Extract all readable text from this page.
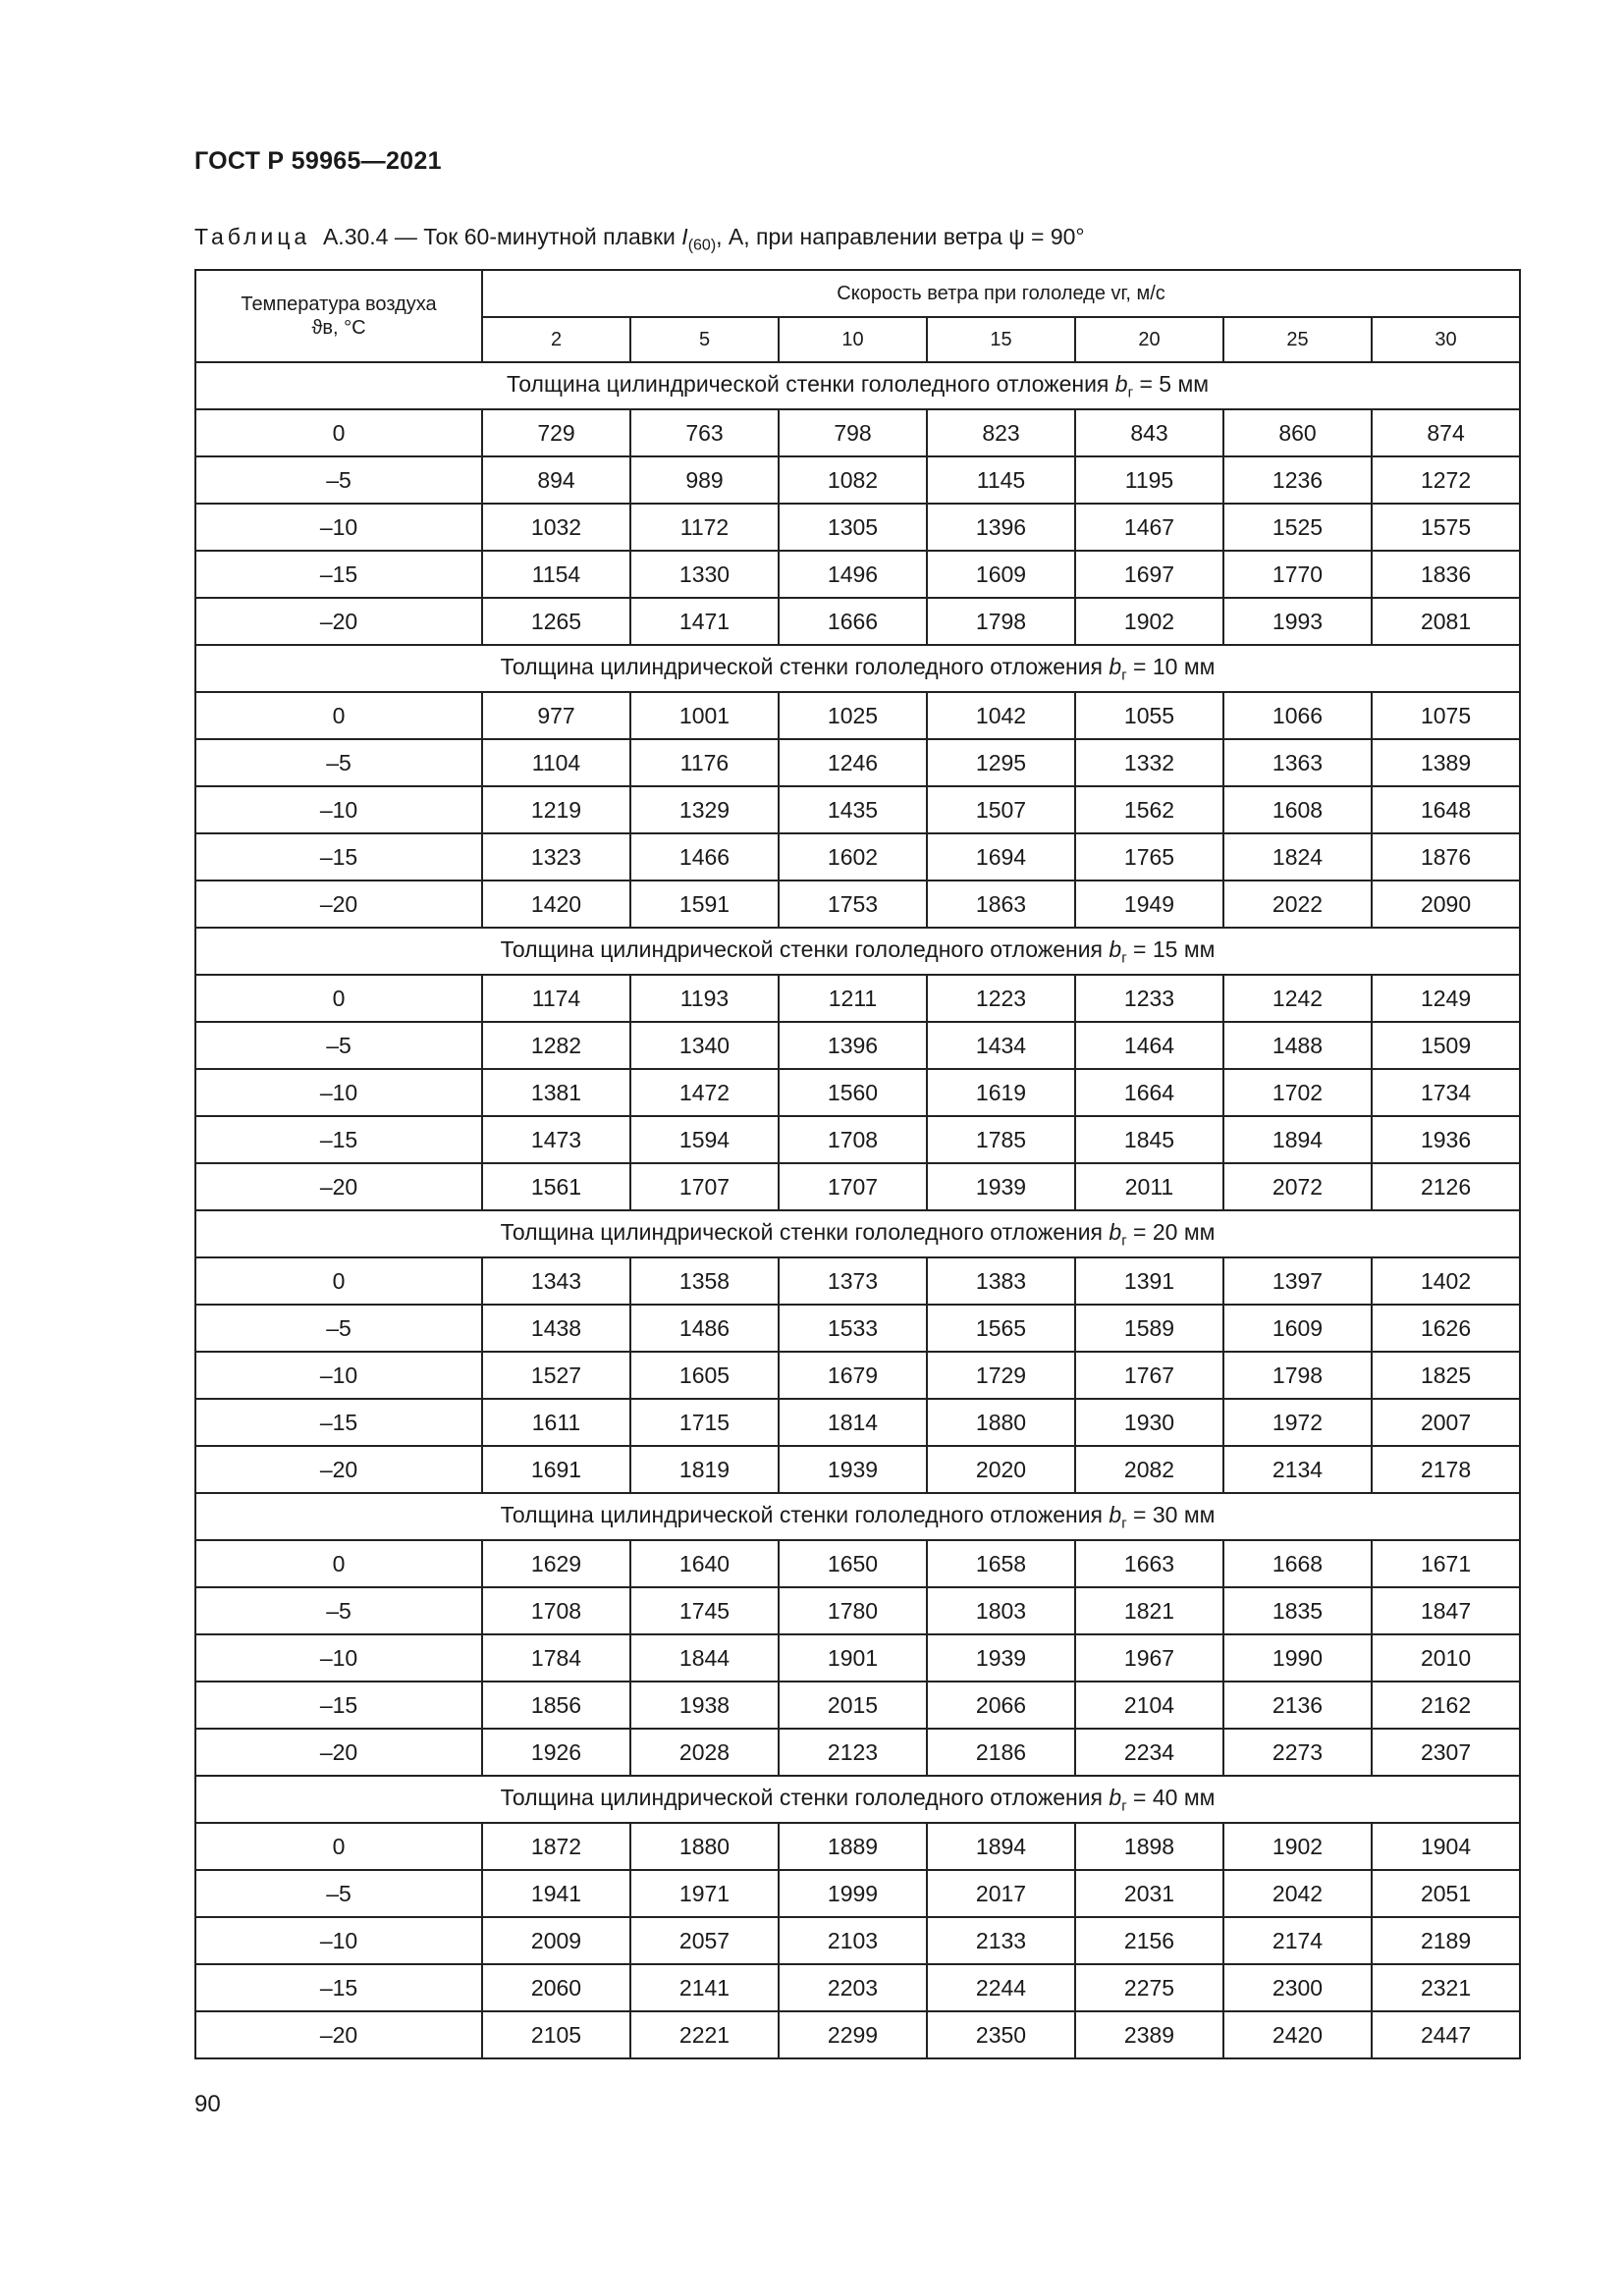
ГОСТ Р 59965—2021
Таблица А.30.4 — Ток 60-минутной плавки $I_{(60)}$, А, при направлении ветра ψ = 90°
Температура воздуха
ϑв, °С	Скорость ветра при гололеде vг, м/с						
	2	5	10	15	20	25	30
Толщина цилиндрической стенки гололедного отложения $b_г = 5$ мм							
0	729	763	798	823	843	860	874
–5	894	989	1082	1145	1195	1236	1272
–10	1032	1172	1305	1396	1467	1525	1575
–15	1154	1330	1496	1609	1697	1770	1836
–20	1265	1471	1666	1798	1902	1993	2081
Толщина цилиндрической стенки гололедного отложения $b_г = 10$ мм							
0	977	1001	1025	1042	1055	1066	1075
–5	1104	1176	1246	1295	1332	1363	1389
–10	1219	1329	1435	1507	1562	1608	1648
–15	1323	1466	1602	1694	1765	1824	1876
–20	1420	1591	1753	1863	1949	2022	2090
Толщина цилиндрической стенки гололедного отложения $b_г = 15$ мм							
0	1174	1193	1211	1223	1233	1242	1249
–5	1282	1340	1396	1434	1464	1488	1509
–10	1381	1472	1560	1619	1664	1702	1734
–15	1473	1594	1708	1785	1845	1894	1936
–20	1561	1707	1707	1939	2011	2072	2126
Толщина цилиндрической стенки гололедного отложения $b_г = 20$ мм							
0	1343	1358	1373	1383	1391	1397	1402
–5	1438	1486	1533	1565	1589	1609	1626
–10	1527	1605	1679	1729	1767	1798	1825
–15	1611	1715	1814	1880	1930	1972	2007
–20	1691	1819	1939	2020	2082	2134	2178
Толщина цилиндрической стенки гололедного отложения $b_г = 30$ мм							
0	1629	1640	1650	1658	1663	1668	1671
–5	1708	1745	1780	1803	1821	1835	1847
–10	1784	1844	1901	1939	1967	1990	2010
–15	1856	1938	2015	2066	2104	2136	2162
–20	1926	2028	2123	2186	2234	2273	2307
Толщина цилиндрической стенки гололедного отложения $b_г = 40$ мм							
0	1872	1880	1889	1894	1898	1902	1904
–5	1941	1971	1999	2017	2031	2042	2051
–10	2009	2057	2103	2133	2156	2174	2189
–15	2060	2141	2203	2244	2275	2300	2321
–20	2105	2221	2299	2350	2389	2420	2447
90
